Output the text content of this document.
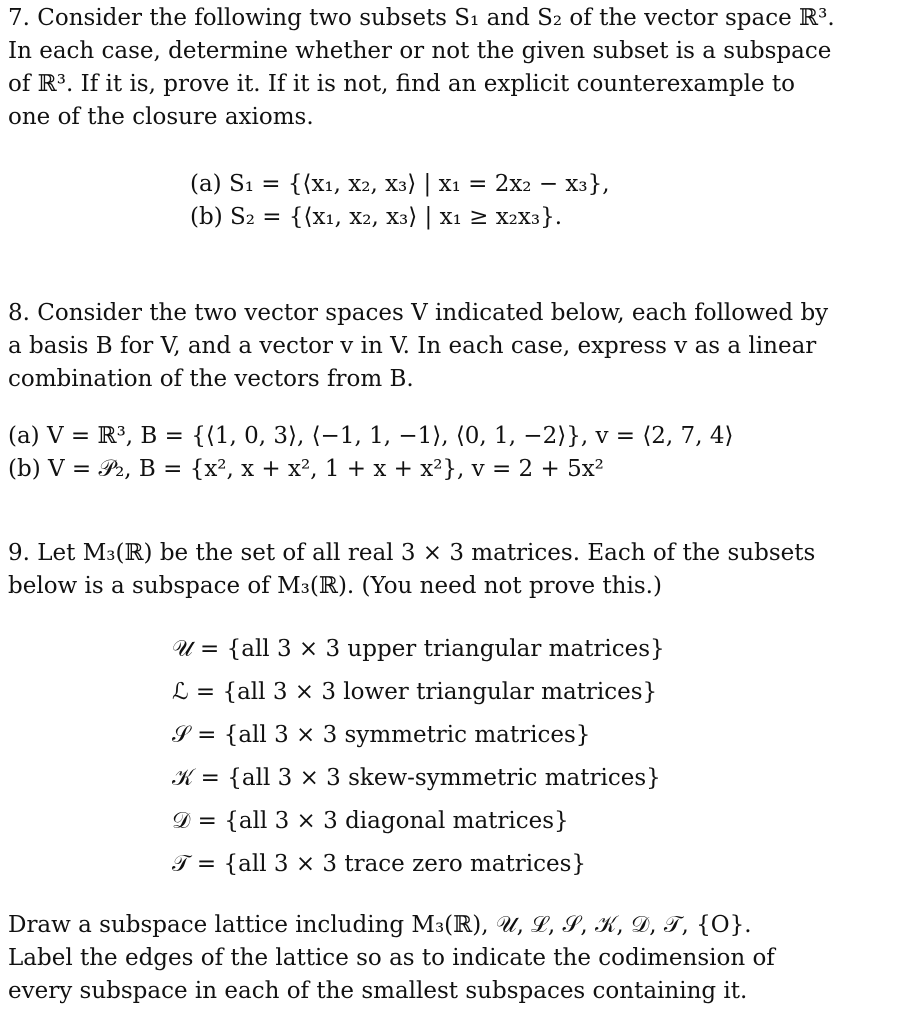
7. Consider the following two subsets S₁ and S₂ of the vector space ℝ³.
In each case, determine whether or not the given subset is a subspace
of ℝ³. If it is, prove it. If it is not, find an explicit counterexample to
one of the closure axioms.
(a) S₁ = {⟨x₁, x₂, x₃⟩ | x₁ = 2x₂ − x₃},
(b) S₂ = {⟨x₁, x₂, x₃⟩ | x₁ ≥ x₂x₃}.
8. Consider the two vector spaces V indicated below, each followed by
a basis B for V, and a vector v in V. In each case, express v as a linear
combination of the vectors from B.
(a) V = ℝ³, B = {⟨1, 0, 3⟩, ⟨−1, 1, −1⟩, ⟨0, 1, −2⟩}, v = ⟨2, 7, 4⟩
(b) V = 𝒫₂, B = {x², x + x², 1 + x + x²}, v = 2 + 5x²
9. Let M₃(ℝ) be the set of all real 3 × 3 matrices. Each of the subsets
below is a subspace of M₃(ℝ). (You need not prove this.)
𝒰 = {all 3 × 3 upper triangular matrices}
ℒ = {all 3 × 3 lower triangular matrices}
𝒮 = {all 3 × 3 symmetric matrices}
𝒦 = {all 3 × 3 skew-symmetric matrices}
𝒟 = {all 3 × 3 diagonal matrices}
𝒯 = {all 3 × 3 trace zero matrices}
Draw a subspace lattice including M₃(ℝ), 𝒰, ℒ, 𝒮, 𝒦, 𝒟, 𝒯, {O}.
Label the edges of the lattice so as to indicate the codimension of
every subspace in each of the smallest subspaces containing it.
